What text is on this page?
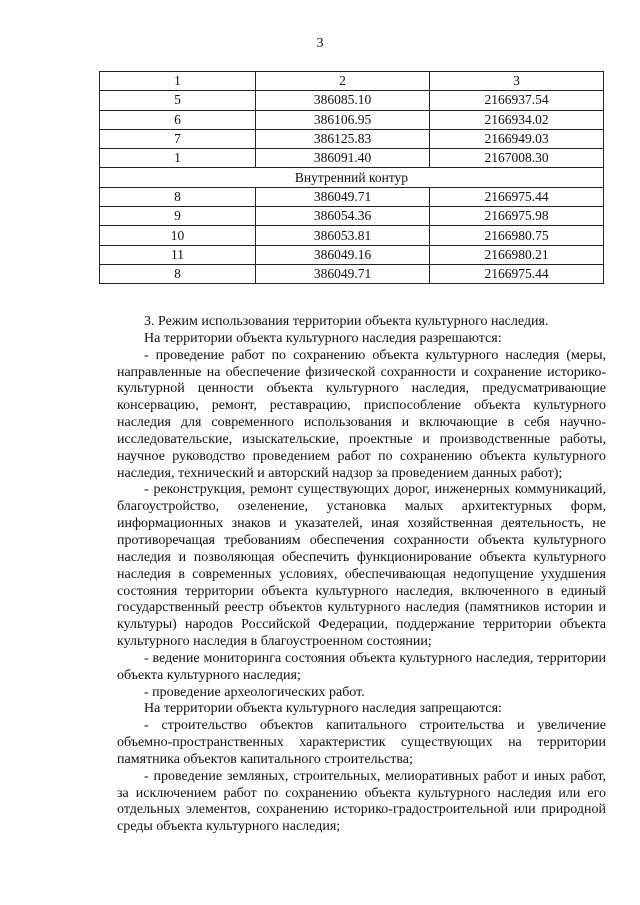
3
1	2	3
5	386085.10	2166937.54
6	386106.95	2166934.02
7	386125.83	2166949.03
1	386091.40	2167008.30
Внутренний контур		
8	386049.71	2166975.44
9	386054.36	2166975.98
10	386053.81	2166980.75
11	386049.16	2166980.21
8	386049.71	2166975.44

3. Режим использования территории объекта культурного наследия.

На территории объекта культурного наследия разрешаются:

- проведение работ по сохранению объекта культурного наследия (меры, направленные на обеспечение физической сохранности и сохранение историко-культурной ценности объекта культурного наследия, предусматривающие консервацию, ремонт, реставрацию, приспособление объекта культурного наследия для современного использования и включающие в себя научно-исследовательские, изыскательские, проектные и производственные работы, научное руководство проведением работ по сохранению объекта культурного наследия, технический и авторский надзор за проведением данных работ);

- реконструкция, ремонт существующих дорог, инженерных коммуникаций, благоустройство, озеленение, установка малых архитектурных форм, информационных знаков и указателей, иная хозяйственная деятельность, не противоречащая требованиям обеспечения сохранности объекта культурного наследия и позволяющая обеспечить функционирование объекта культурного наследия в современных условиях, обеспечивающая недопущение ухудшения состояния территории объекта культурного наследия, включенного в единый государственный реестр объектов культурного наследия (памятников истории и культуры) народов Российской Федерации, поддержание территории объекта культурного наследия в благоустроенном состоянии;

- ведение мониторинга состояния объекта культурного наследия, территории объекта культурного наследия;

- проведение археологических работ.

На территории объекта культурного наследия запрещаются:

- строительство объектов капитального строительства и увеличение объемно-пространственных характеристик существующих на территории памятника объектов капитального строительства;

- проведение земляных, строительных, мелиоративных работ и иных работ, за исключением работ по сохранению объекта культурного наследия или его отдельных элементов, сохранению историко-градостроительной или природной среды объекта культурного наследия;
